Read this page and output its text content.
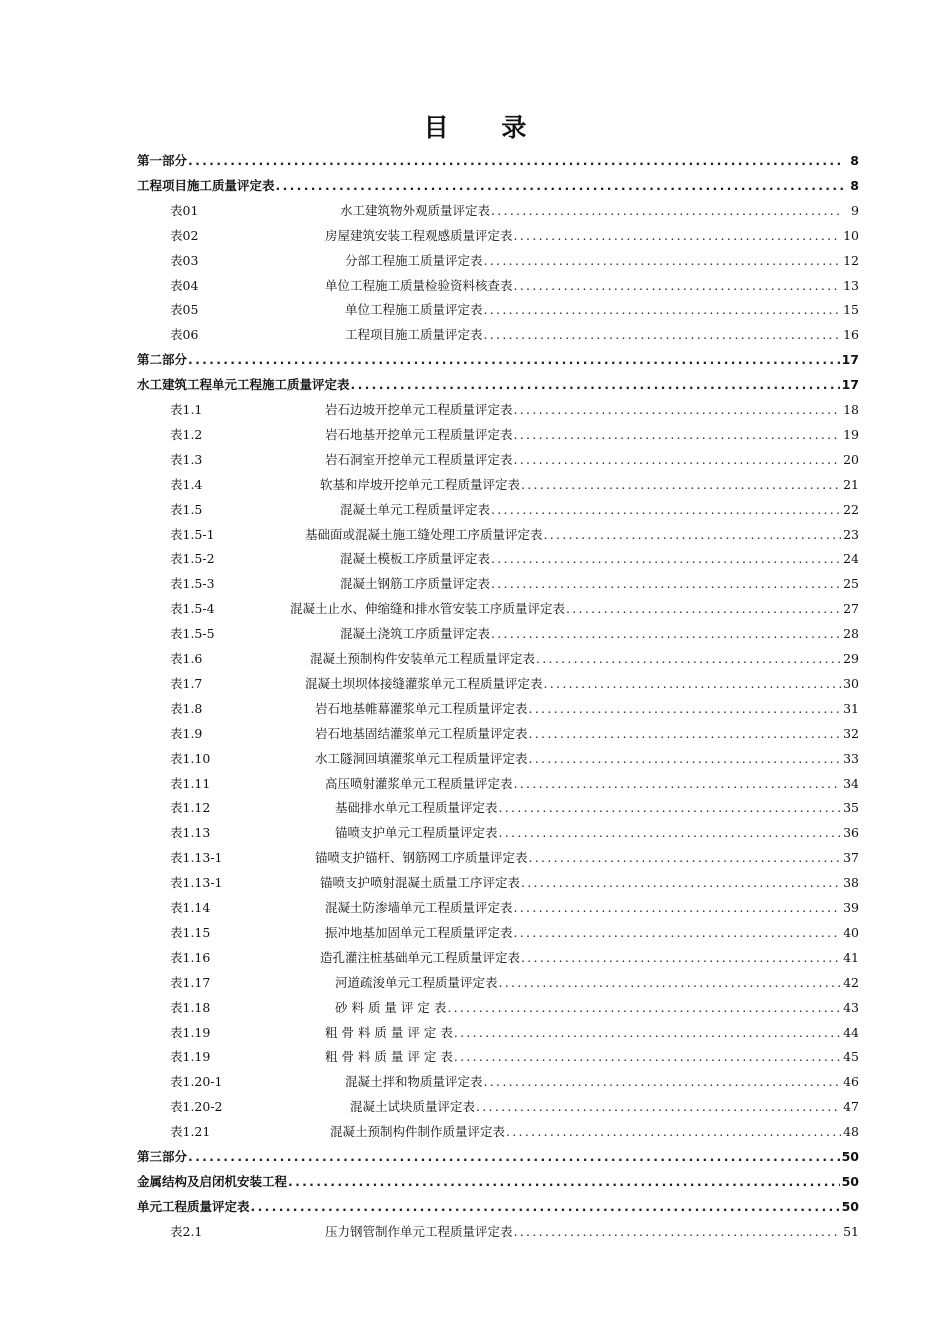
目 录
第一部分 .....	8
工程项目施工质量评定表 .....	8
表01	水工建筑物外观质量评定表 .....	9
表02	房屋建筑安装工程观感质量评定表 .....	10
表03	分部工程施工质量评定表 .....	12
表04	单位工程施工质量检验资料核查表 .....	13
表05	单位工程施工质量评定表 .....	15
表06	工程项目施工质量评定表 .....	16
第二部分 .....	17
水工建筑工程单元工程施工质量评定表 .....	17
表1.1	岩石边坡开挖单元工程质量评定表 .....	18
表1.2	岩石地基开挖单元工程质量评定表 .....	19
表1.3	岩石洞室开挖单元工程质量评定表 .....	20
表1.4	软基和岸坡开挖单元工程质量评定表 .....	21
表1.5	混凝土单元工程质量评定表 .....	22
表1.5-1	基础面或混凝土施工缝处理工序质量评定表 .....	23
表1.5-2	混凝土模板工序质量评定表 .....	24
表1.5-3	混凝土钢筋工序质量评定表 .....	25
表1.5-4	混凝土止水、伸缩缝和排水管安装工序质量评定表 .....	27
表1.5-5	混凝土浇筑工序质量评定表 .....	28
表1.6	混凝土预制构件安装单元工程质量评定表 .....	29
表1.7	混凝土坝坝体接缝灌浆单元工程质量评定表 .....	30
表1.8	岩石地基帷幕灌浆单元工程质量评定表 .....	31
表1.9	岩石地基固结灌浆单元工程质量评定表 .....	32
表1.10	水工隧洞回填灌浆单元工程质量评定表 .....	33
表1.11	高压喷射灌浆单元工程质量评定表 .....	34
表1.12	基础排水单元工程质量评定表 .....	35
表1.13	锚喷支护单元工程质量评定表 .....	36
表1.13-1	锚喷支护锚杆、钢筋网工序质量评定表 .....	37
表1.13-1	锚喷支护喷射混凝土质量工序评定表 .....	38
表1.14	混凝土防渗墙单元工程质量评定表 .....	39
表1.15	振冲地基加固单元工程质量评定表 .....	40
表1.16	造孔灌注桩基础单元工程质量评定表 .....	41
表1.17	河道疏浚单元工程质量评定表 .....	42
表1.18	砂 料 质 量 评 定 表 .....	43
表1.19	粗 骨 料 质 量 评 定 表 .....	44
表1.19	粗 骨 料 质 量 评 定 表 .....	45
表1.20-1	混凝土拌和物质量评定表 .....	46
表1.20-2	混凝土试块质量评定表 .....	47
表1.21	混凝土预制构件制作质量评定表 .....	48
第三部分 .....	50
金属结构及启闭机安装工程 .....	50
单元工程质量评定表 .....	50
表2.1	压力钢管制作单元工程质量评定表 .....	51
